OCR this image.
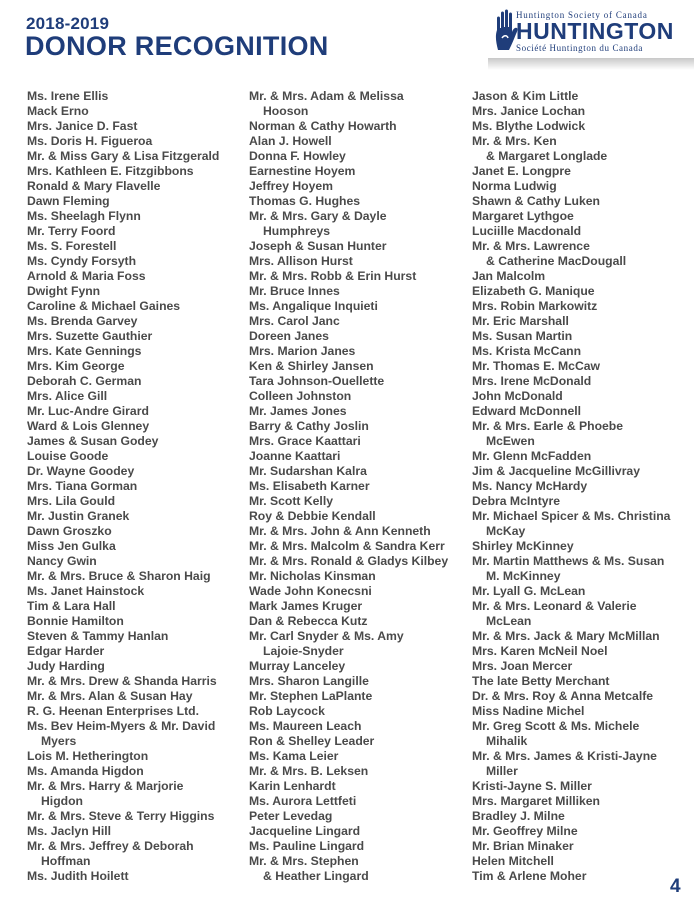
2018-2019
DONOR RECOGNITION
Huntington Society of Canada
HUNTINGTON
Société Huntington du Canada
Ms. Irene Ellis
Mack Erno
Mrs. Janice D. Fast
Ms. Doris H. Figueroa
Mr. & Miss Gary & Lisa Fitzgerald
Mrs. Kathleen E. Fitzgibbons
Ronald & Mary Flavelle
Dawn Fleming
Ms. Sheelagh Flynn
Mr. Terry Foord
Ms. S. Forestell
Ms. Cyndy Forsyth
Arnold & Maria Foss
Dwight Fynn
Caroline & Michael Gaines
Ms. Brenda Garvey
Mrs. Suzette Gauthier
Mrs. Kate Gennings
Mrs. Kim George
Deborah C. German
Mrs. Alice Gill
Mr. Luc-Andre Girard
Ward & Lois Glenney
James & Susan Godey
Louise Goode
Dr. Wayne Goodey
Mrs. Tiana Gorman
Mrs. Lila Gould
Mr. Justin Granek
Dawn Groszko
Miss Jen Gulka
Nancy Gwin
Mr. & Mrs. Bruce & Sharon Haig
Ms. Janet Hainstock
Tim & Lara Hall
Bonnie Hamilton
Steven & Tammy Hanlan
Edgar Harder
Judy Harding
Mr. & Mrs. Drew & Shanda Harris
Mr. & Mrs. Alan & Susan Hay
R. G. Heenan Enterprises Ltd.
Ms. Bev Heim-Myers & Mr. David
Myers
Lois M. Hetherington
Ms. Amanda Higdon
Mr. & Mrs. Harry & Marjorie
Higdon
Mr. & Mrs. Steve & Terry Higgins
Ms. Jaclyn Hill
Mr. & Mrs. Jeffrey & Deborah
Hoffman
Ms. Judith Hoilett
Mr. & Mrs. Adam & Melissa
Hooson
Norman & Cathy Howarth
Alan J. Howell
Donna F. Howley
Earnestine Hoyem
Jeffrey Hoyem
Thomas G. Hughes
Mr. & Mrs. Gary & Dayle
Humphreys
Joseph & Susan Hunter
Mrs. Allison Hurst
Mr. & Mrs. Robb & Erin Hurst
Mr. Bruce Innes
Ms. Angalique Inquieti
Mrs. Carol Janc
Doreen Janes
Mrs. Marion Janes
Ken & Shirley Jansen
Tara Johnson-Ouellette
Colleen Johnston
Mr. James Jones
Barry & Cathy Joslin
Mrs. Grace Kaattari
Joanne Kaattari
Mr. Sudarshan Kalra
Ms. Elisabeth Karner
Mr. Scott Kelly
Roy & Debbie Kendall
Mr. & Mrs. John & Ann Kenneth
Mr. & Mrs. Malcolm & Sandra Kerr
Mr. & Mrs. Ronald & Gladys Kilbey
Mr. Nicholas Kinsman
Wade John Konecsni
Mark James Kruger
Dan & Rebecca Kutz
Mr. Carl Snyder & Ms. Amy
Lajoie-Snyder
Murray Lanceley
Mrs. Sharon Langille
Mr. Stephen LaPlante
Rob Laycock
Ms. Maureen Leach
Ron & Shelley Leader
Ms. Kama Leier
Mr. & Mrs. B. Leksen
Karin Lenhardt
Ms. Aurora Lettfeti
Peter Levedag
Jacqueline Lingard
Ms. Pauline Lingard
Mr. & Mrs. Stephen
& Heather Lingard
Jason & Kim Little
Mrs. Janice Lochan
Ms. Blythe Lodwick
Mr. & Mrs. Ken
& Margaret Longlade
Janet E. Longpre
Norma Ludwig
Shawn & Cathy Luken
Margaret Lythgoe
Luciille Macdonald
Mr. & Mrs. Lawrence
& Catherine MacDougall
Jan Malcolm
Elizabeth G. Manique
Mrs. Robin Markowitz
Mr. Eric Marshall
Ms. Susan Martin
Ms. Krista McCann
Mr. Thomas E. McCaw
Mrs. Irene McDonald
John McDonald
Edward McDonnell
Mr. & Mrs. Earle & Phoebe
McEwen
Mr. Glenn McFadden
Jim & Jacqueline McGillivray
Ms. Nancy McHardy
Debra McIntyre
Mr. Michael Spicer & Ms. Christina
McKay
Shirley McKinney
Mr. Martin Matthews & Ms. Susan
M. McKinney
Mr. Lyall G. McLean
Mr. & Mrs. Leonard & Valerie
McLean
Mr. & Mrs. Jack & Mary McMillan
Mrs. Karen McNeil Noel
Mrs. Joan Mercer
The late Betty Merchant
Dr. & Mrs. Roy & Anna Metcalfe
Miss Nadine Michel
Mr. Greg Scott & Ms. Michele
Mihalik
Mr. & Mrs. James & Kristi-Jayne
Miller
Kristi-Jayne S. Miller
Mrs. Margaret Milliken
Bradley J. Milne
Mr. Geoffrey Milne
Mr. Brian Minaker
Helen Mitchell
Tim & Arlene Moher	4
